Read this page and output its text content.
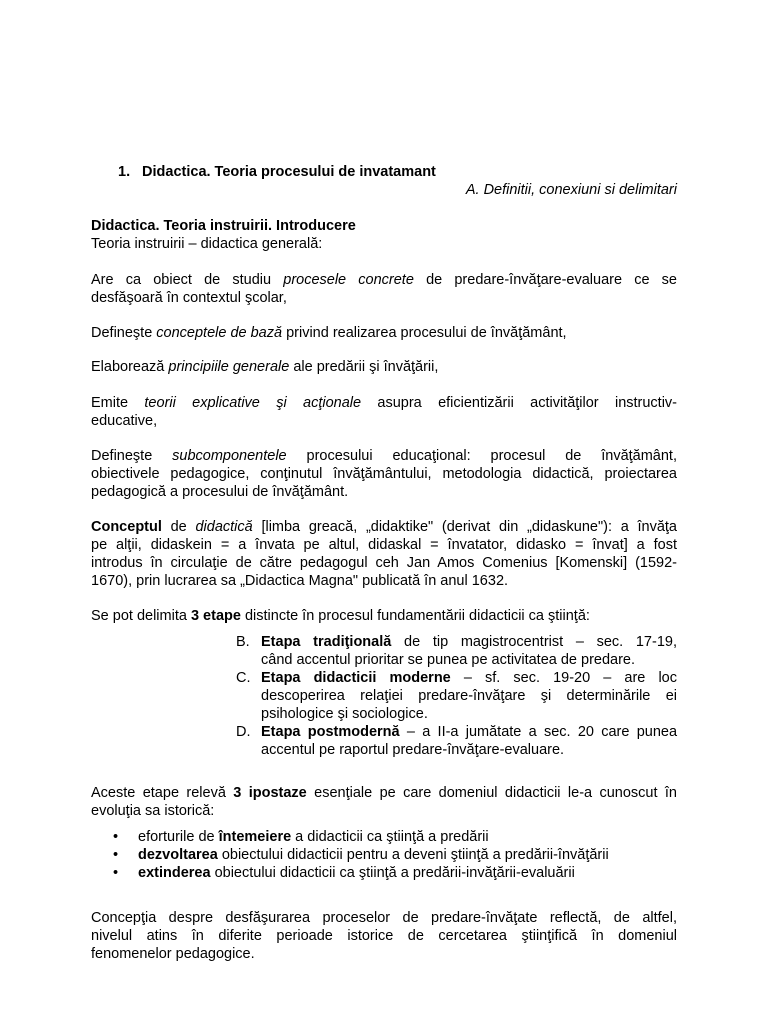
1. Didactica. Teoria procesului de invatamant
A. Definitii, conexiuni si delimitari
Didactica. Teoria instruirii. Introducere
Teoria instruirii – didactica generală:
Are ca obiect de studiu procesele concrete de predare-învăţare-evaluare ce se
desfăşoară în contextul şcolar,
Defineşte conceptele de bază privind realizarea procesului de învăţământ,
Elaborează principiile generale ale predării şi învăţării,
Emite teorii explicative şi acţionale asupra eficientizării activităţilor instructiv-
educative,
Defineşte subcomponentele procesului educaţional: procesul de învăţământ,
obiectivele pedagogice, conţinutul învăţământului, metodologia didactică, proiectarea
pedagogică a procesului de învăţământ.
Conceptul de didactică [limba greacă, „didaktike" (derivat din „didaskune"): a învăţa
pe alţii, didaskein = a învata pe altul, didaskal = învatator, didasko = învat] a fost
introdus în circulaţie de către pedagogul ceh Jan Amos Comenius [Komenski] (1592-
1670), prin lucrarea sa „Didactica Magna" publicată în anul 1632.
Se pot delimita 3 etape distincte în procesul fundamentării didacticii ca ştiinţă:
B. Etapa tradiţională de tip magistrocentrist – sec. 17-19,
când accentul prioritar se punea pe activitatea de predare.
C. Etapa didacticii moderne – sf. sec. 19-20 – are loc
descoperirea relaţiei predare-învăţare şi determinările ei
psihologice şi sociologice.
D. Etapa postmodernă – a II-a jumătate a sec. 20 care punea
accentul pe raportul predare-învăţare-evaluare.
Aceste etape relevă 3 ipostaze esenţiale pe care domeniul didacticii le-a cunoscut în
evoluţia sa istorică:
• eforturile de întemeiere a didacticii ca ştiinţă a predării
• dezvoltarea obiectului didacticii pentru a deveni ştiinţă a predării-învăţării
• extinderea obiectului didacticii ca ştiinţă a predării-invăţării-evaluării
Concepţia despre desfăşurarea proceselor de predare-învăţate reflectă, de altfel,
nivelul atins în diferite perioade istorice de cercetarea ştiinţifică în domeniul
fenomenelor pedagogice.
